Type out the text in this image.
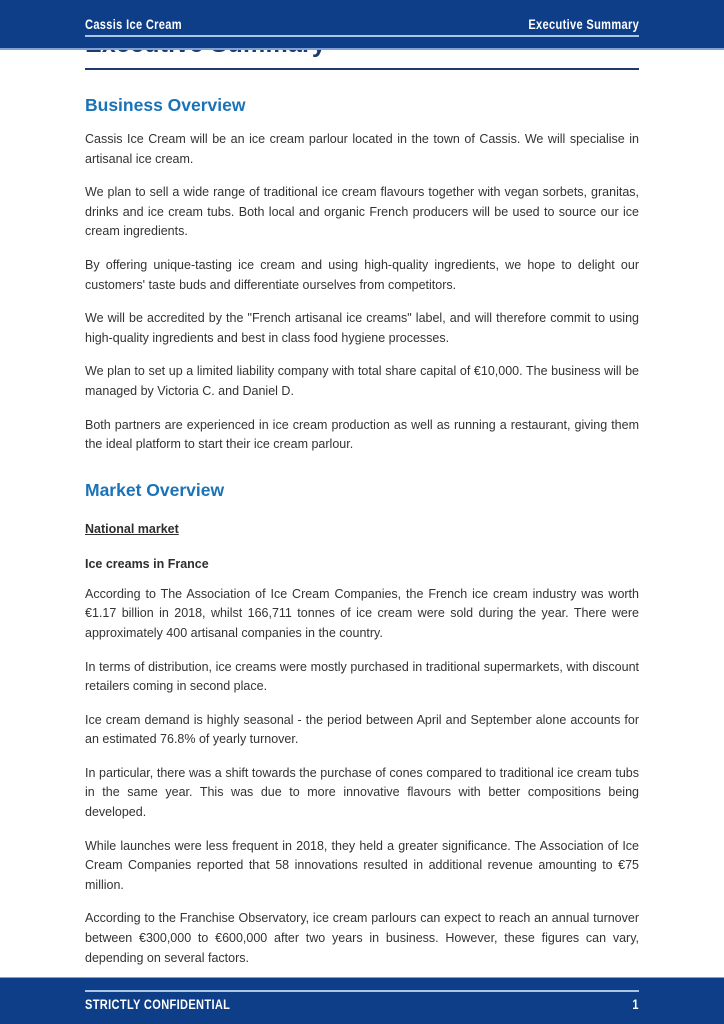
Cassis Ice Cream	Executive Summary
Business Overview

Cassis Ice Cream will be an ice cream parlour located in the town of Cassis. We will specialise in artisanal ice cream.

We plan to sell a wide range of traditional ice cream flavours together with vegan sorbets, granitas, drinks and ice cream tubs. Both local and organic French producers will be used to source our ice cream ingredients.

By offering unique-tasting ice cream and using high-quality ingredients, we hope to delight our customers' taste buds and differentiate ourselves from competitors.

We will be accredited by the "French artisanal ice creams" label, and will therefore commit to using high-quality ingredients and best in class food hygiene processes.

We plan to set up a limited liability company with total share capital of €10,000. The business will be managed by Victoria C. and Daniel D.

Both partners are experienced in ice cream production as well as running a restaurant, giving them the ideal platform to start their ice cream parlour.

Market Overview
National market
Ice creams in France

According to The Association of Ice Cream Companies, the French ice cream industry was worth €1.17 billion in 2018, whilst 166,711 tonnes of ice cream were sold during the year. There were approximately 400 artisanal companies in the country.

In terms of distribution, ice creams were mostly purchased in traditional supermarkets, with discount retailers coming in second place.

Ice cream demand is highly seasonal - the period between April and September alone accounts for an estimated 76.8% of yearly turnover.

In particular, there was a shift towards the purchase of cones compared to traditional ice cream tubs in the same year. This was due to more innovative flavours with better compositions being developed.

While launches were less frequent in 2018, they held a greater significance. The Association of Ice Cream Companies reported that 58 innovations resulted in additional revenue amounting to €75 million.

According to the Franchise Observatory, ice cream parlours can expect to reach an annual turnover between €300,000 to €600,000 after two years in business. However, these figures can vary, depending on several factors.

STRICTLY CONFIDENTIAL	1
